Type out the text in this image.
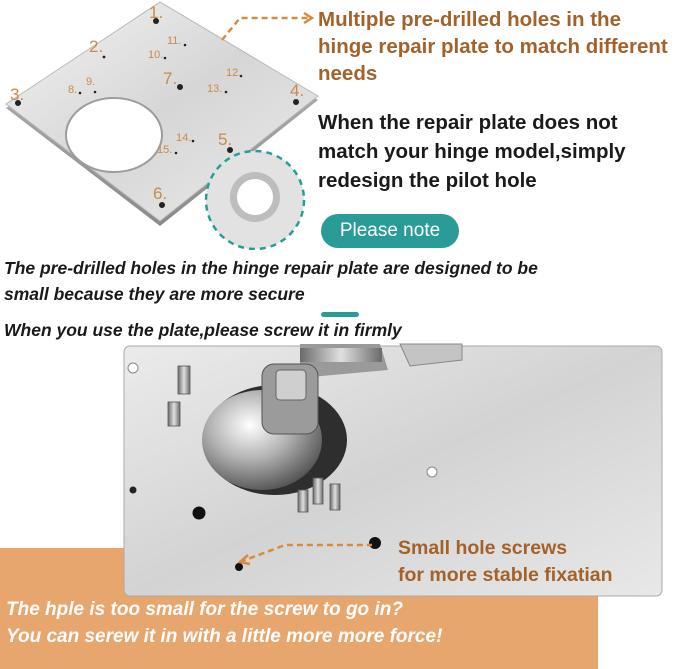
1.
2.
3.	4.
5.
6.
7.
8.
9.
10.
11.
12.
13.
14.
15.
Multiple pre-drilled holes in the hinge repair plate to match different needs
When the repair plate does not match your hinge model,simply redesign the pilot hole
Please note
The pre-drilled holes in the hinge repair plate are designed to be
small because they are more secure
When you use the plate,please screw it in firmly
Small hole screws
for more stable fixatian
The hple is too small for the screw to go in?
You can serew it in with a little more more force!
